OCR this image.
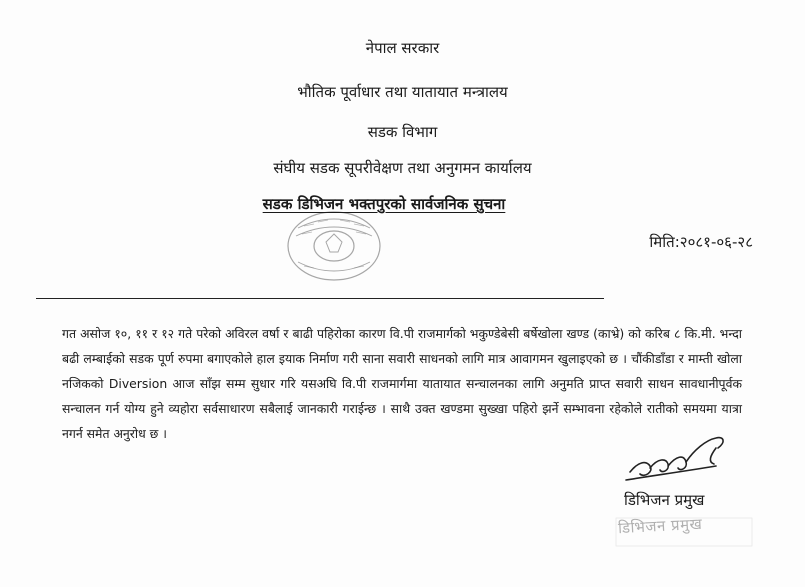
नेपाल सरकार
भौतिक पूर्वाधार तथा यातायात मन्त्रालय
सडक विभाग
संघीय सडक सूपरीवेक्षण तथा अनुगमन कार्यालय
सडक डिभिजन भक्तपुरको सार्वजनिक सुचना
मिति:२०८१-०६-२८

गत असोज १०, ११ र १२ गते परेको अविरल वर्षा र बाढी पहिरोका कारण वि.पी राजमार्गको भकुण्डेबेसी बर्षेखोला खण्ड (काभ्रे) को करिब ८ कि.मी. भन्दा बढी लम्बाईको सडक पूर्ण रुपमा बगाएकोले हाल इयाक निर्माण गरी साना सवारी साधनको लागि मात्र आवागमन खुलाइएको छ । चौंकीडाँडा र माम्ती खोला नजिकको Diversion आज साँझ सम्म सुधार गरि यसअघि वि.पी राजमार्गमा यातायात सन्चालनका लागि अनुमति प्राप्त सवारी साधन सावधानीपूर्वक सन्चालन गर्न योग्य हुने व्यहोरा सर्वसाधारण सबैलाई जानकारी गराईन्छ । साथै उक्त खण्डमा सुख्खा पहिरो झर्ने सम्भावना रहेकोले रातीको समयमा यात्रा नगर्न समेत अनुरोध छ ।

डिभिजन प्रमुख
डिभिजन प्रमुख
